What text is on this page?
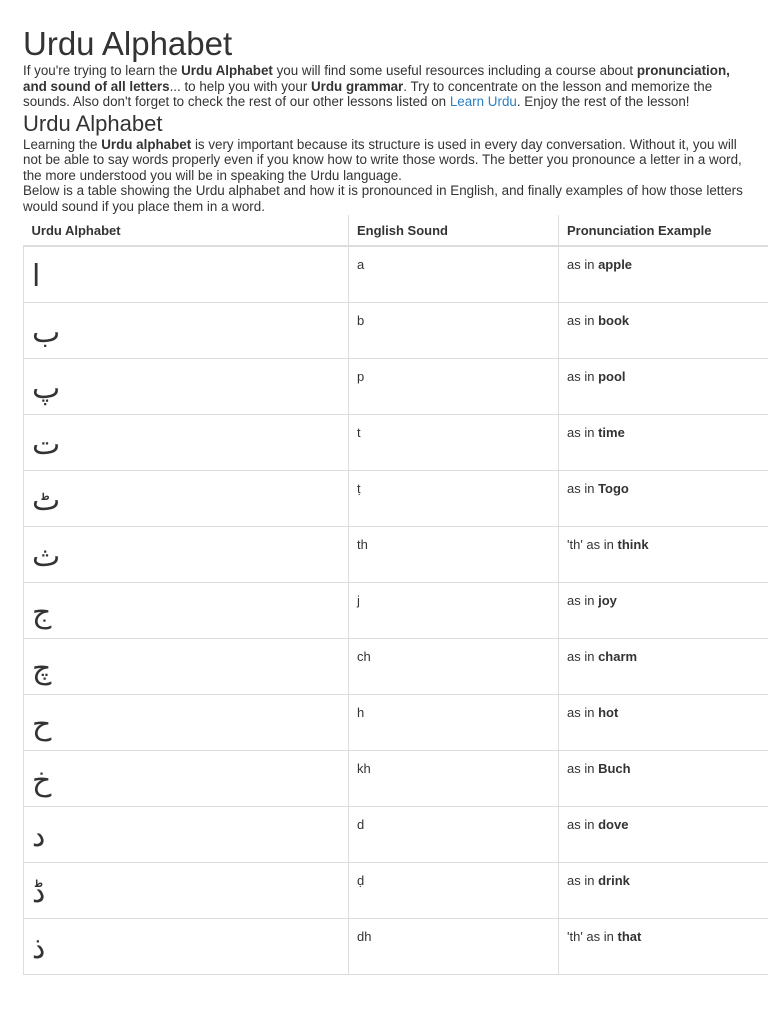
Urdu Alphabet

If you're trying to learn the Urdu Alphabet you will find some useful resources including a course about pronunciation, and sound of all letters... to help you with your Urdu grammar. Try to concentrate on the lesson and memorize the sounds. Also don't forget to check the rest of our other lessons listed on Learn Urdu. Enjoy the rest of the lesson!

Urdu Alphabet

Learning the Urdu alphabet is very important because its structure is used in every day conversation. Without it, you will not be able to say words properly even if you know how to write those words. The better you pronounce a letter in a word, the more understood you will be in speaking the Urdu language.

Below is a table showing the Urdu alphabet and how it is pronounced in English, and finally examples of how those letters would sound if you place them in a word.

Urdu Alphabet	English Sound	Pronunciation Example
ا	a	as in apple
ب	b	as in book
پ	p	as in pool
ت	t	as in time
ٹ	ṭ	as in Togo
ث	th	'th' as in think
ج	j	as in joy
چ	ch	as in charm
ح	h	as in hot
خ	kh	as in Buch
د	d	as in dove
ڈ	ḍ	as in drink
ذ	dh	'th' as in that
